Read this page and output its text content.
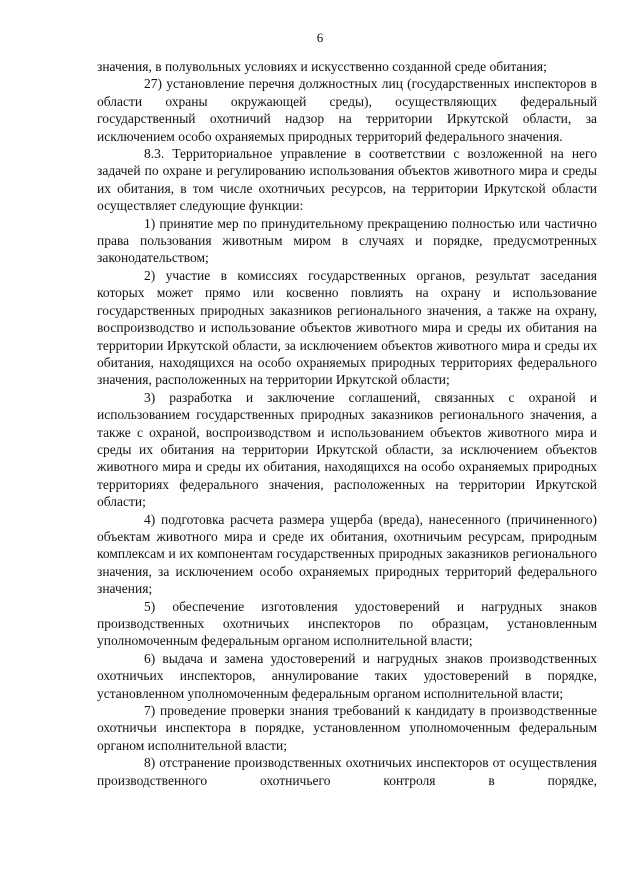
6

значения, в полувольных условиях и искусственно созданной среде обитания;

27) установление перечня должностных лиц (государственных инспекторов в области охраны окружающей среды), осуществляющих федеральный государственный охотничий надзор на территории Иркутской области, за исключением особо охраняемых природных территорий федерального значения.

8.3. Территориальное управление в соответствии с возложенной на него задачей по охране и регулированию использования объектов животного мира и среды их обитания, в том числе охотничьих ресурсов, на территории Иркутской области осуществляет следующие функции:

1) принятие мер по принудительному прекращению полностью или частично права пользования животным миром в случаях и порядке, предусмотренных законодательством;

2) участие в комиссиях государственных органов, результат заседания которых может прямо или косвенно повлиять на охрану и использование государственных природных заказников регионального значения, а также на охрану, воспроизводство и использование объектов животного мира и среды их обитания на территории Иркутской области, за исключением объектов животного мира и среды их обитания, находящихся на особо охраняемых природных территориях федерального значения, расположенных на территории Иркутской области;

3) разработка и заключение соглашений, связанных с охраной и использованием государственных природных заказников регионального значения, а также с охраной, воспроизводством и использованием объектов животного мира и среды их обитания на территории Иркутской области, за исключением объектов животного мира и среды их обитания, находящихся на особо охраняемых природных территориях федерального значения, расположенных на территории Иркутской области;

4) подготовка расчета размера ущерба (вреда), нанесенного (причиненного) объектам животного мира и среде их обитания, охотничьим ресурсам, природным комплексам и их компонентам государственных природных заказников регионального значения, за исключением особо охраняемых природных территорий федерального значения;

5) обеспечение изготовления удостоверений и нагрудных знаков производственных охотничьих инспекторов по образцам, установленным уполномоченным федеральным органом исполнительной власти;

6) выдача и замена удостоверений и нагрудных знаков производственных охотничьих инспекторов, аннулирование таких удостоверений в порядке, установленном уполномоченным федеральным органом исполнительной власти;

7) проведение проверки знания требований к кандидату в производственные охотничьи инспектора в порядке, установленном уполномоченным федеральным органом исполнительной власти;

8) отстранение производственных охотничьих инспекторов от осуществления производственного охотничьего контроля в порядке,
